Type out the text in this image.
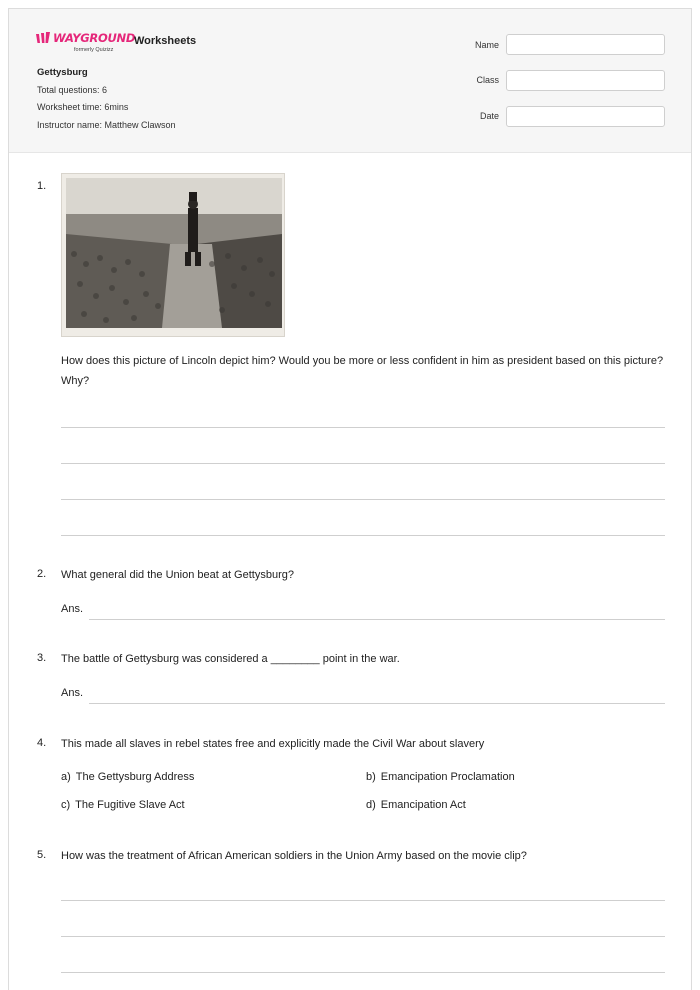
WAYGROUND
formerly Quizizz
Worksheets
Gettysburg
Total questions: 6
Worksheet time: 6mins
Instructor name: Matthew Clawson
Name
Class
Date
1.
How does this picture of Lincoln depict him? Would you be more or less confident in him as president based on this picture? Why?
2. What general did the Union beat at Gettysburg?
Ans.
3. The battle of Gettysburg was considered a ________ point in the war.
Ans.
4. This made all slaves in rebel states free and explicitly made the Civil War about slavery
a) The Gettysburg Address	b) Emancipation Proclamation
c) The Fugitive Slave Act	d) Emancipation Act
5. How was the treatment of African American soldiers in the Union Army based on the movie clip?
